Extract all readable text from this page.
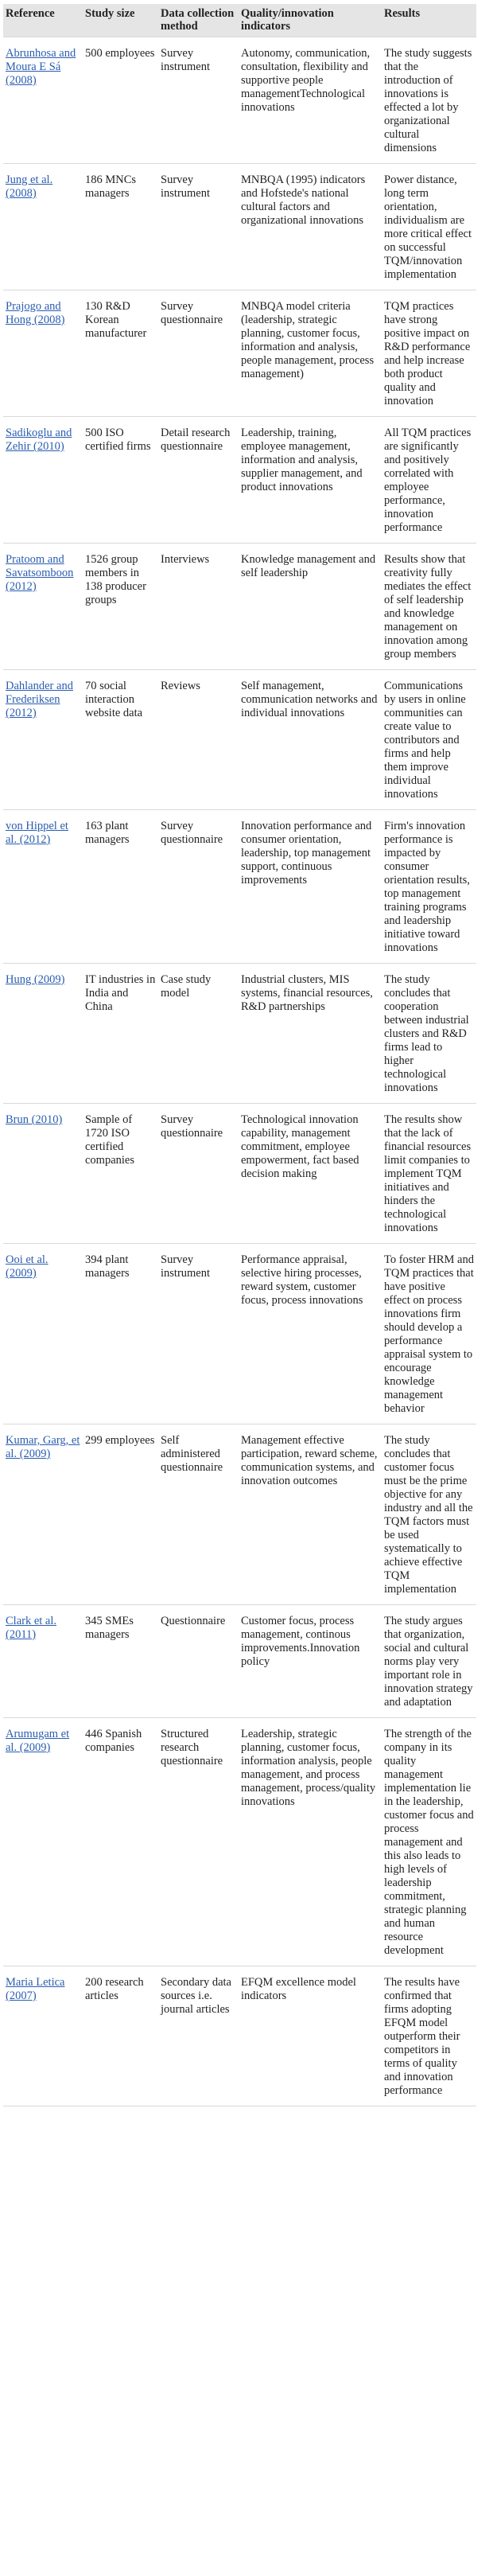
Reference	Study size	Data collection method	Quality/innovation indicators	Results
Abrunhosa and Moura E Sá (2008)	500 employees	Survey instrument	Autonomy, communication, consultation, flexibility and supportive people managementTechnological innovations	The study suggests that the introduction of innovations is effected a lot by organizational cultural dimensions
Jung et al. (2008)	186 MNCs managers	Survey instrument	MNBQA (1995) indicators and Hofstede's national cultural factors and organizational innovations	Power distance, long term orientation, individualism are more critical effect on successful TQM/innovation implementation
Prajogo and Hong (2008)	130 R&D Korean manufacturer	Survey questionnaire	MNBQA model criteria (leadership, strategic planning, customer focus, information and analysis, people management, process management)	TQM practices have strong positive impact on R&D performance and help increase both product quality and innovation
Sadikoglu and Zehir (2010)	500 ISO certified firms	Detail research questionnaire	Leadership, training, employee management, information and analysis, supplier management, and product innovations	All TQM practices are significantly and positively correlated with employee performance, innovation performance
Pratoom and Savatsomboon (2012)	1526 group members in 138 producer groups	Interviews	Knowledge management and self leadership	Results show that creativity fully mediates the effect of self leadership and knowledge management on innovation among group members
Dahlander and Frederiksen (2012)	70 social interaction website data	Reviews	Self management, communication networks and individual innovations	Communications by users in online communities can create value to contributors and firms and help them improve individual innovations
von Hippel et al. (2012)	163 plant managers	Survey questionnaire	Innovation performance and consumer orientation, leadership, top management support, continuous improvements	Firm's innovation performance is impacted by consumer orientation results, top management training programs and leadership initiative toward innovations
Hung (2009)	IT industries in India and China	Case study model	Industrial clusters, MIS systems, financial resources, R&D partnerships	The study concludes that cooperation between industrial clusters and R&D firms lead to higher technological innovations
Brun (2010)	Sample of 1720 ISO certified companies	Survey questionnaire	Technological innovation capability, management commitment, employee empowerment, fact based decision making	The results show that the lack of financial resources limit companies to implement TQM initiatives and hinders the technological innovations
Ooi et al. (2009)	394 plant managers	Survey instrument	Performance appraisal, selective hiring processes, reward system, customer focus, process innovations	To foster HRM and TQM practices that have positive effect on process innovations firm should develop a performance appraisal system to encourage knowledge management behavior
Kumar, Garg, et al. (2009)	299 employees	Self administered questionnaire	Management effective participation, reward scheme, communication systems, and innovation outcomes	The study concludes that customer focus must be the prime objective for any industry and all the TQM factors must be used systematically to achieve effective TQM implementation
Clark et al. (2011)	345 SMEs managers	Questionnaire	Customer focus, process management, continous improvements.Innovation policy	The study argues that organization, social and cultural norms play very important role in innovation strategy and adaptation
Arumugam et al. (2009)	446 Spanish companies	Structured research questionnaire	Leadership, strategic planning, customer focus, information analysis, people management, and process management, process/quality innovations	The strength of the company in its quality management implementation lie in the leadership, customer focus and process management and this also leads to high levels of leadership commitment, strategic planning and human resource development
Maria Letica (2007)	200 research articles	Secondary data sources i.e. journal articles	EFQM excellence model indicators	The results have confirmed that firms adopting EFQM model outperform their competitors in terms of quality and innovation performance
